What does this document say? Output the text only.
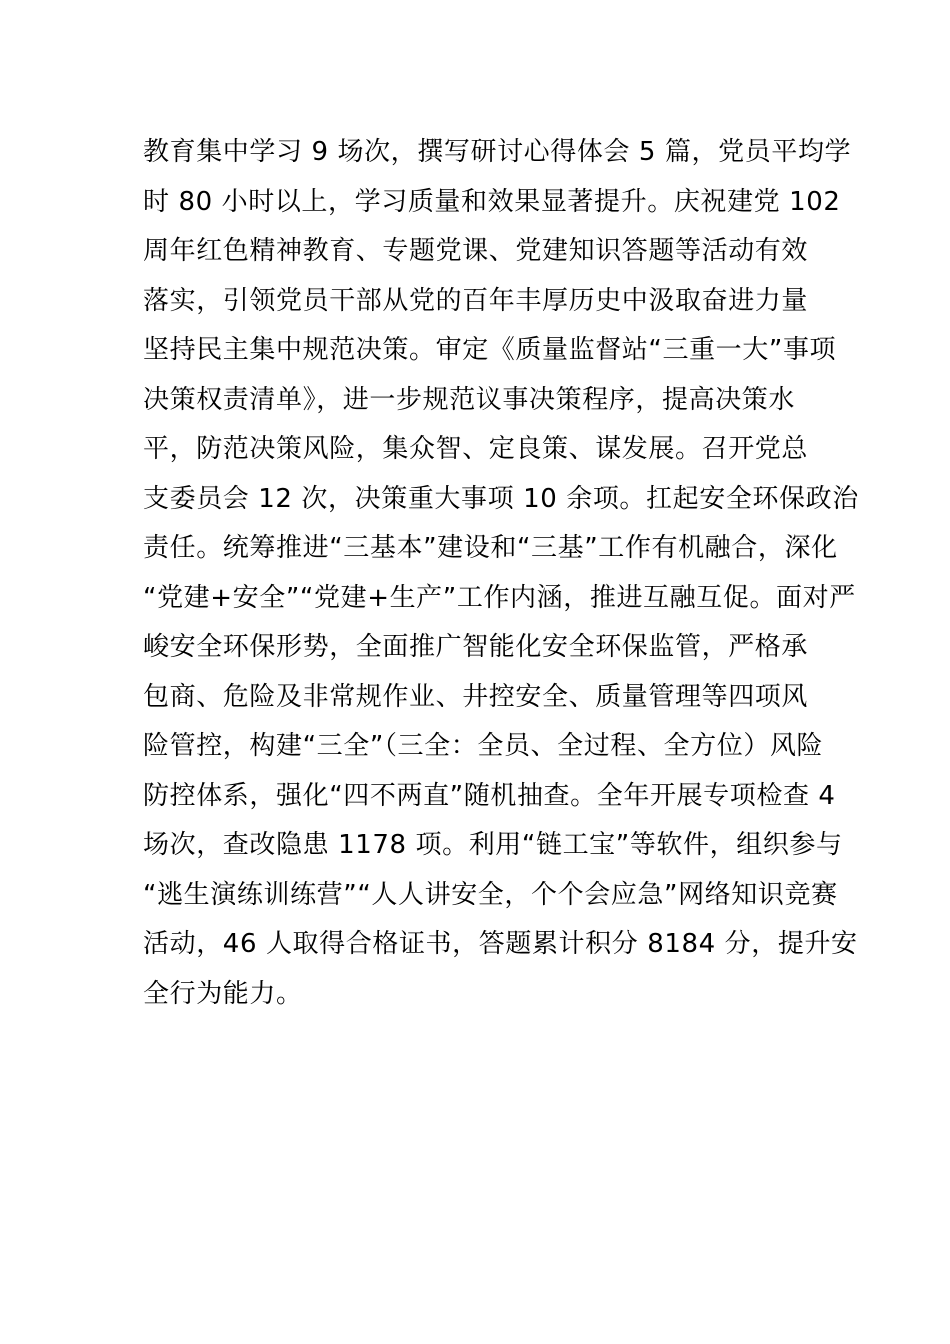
教育集中学习 9 场次，撰写研讨心得体会 5 篇，党员平均学
时 80 小时以上，学习质量和效果显著提升。庆祝建党 102
周年红色精神教育、专题党课、党建知识答题等活动有效
落实，引领党员干部从党的百年丰厚历史中汲取奋进力量
坚持民主集中规范决策。审定《质量监督站“三重一大”事项
决策权责清单》，进一步规范议事决策程序，提高决策水
平，防范决策风险，集众智、定良策、谋发展。召开党总
支委员会 12 次，决策重大事项 10 余项。扛起安全环保政治
责任。统筹推进“三基本”建设和“三基”工作有机融合，深化
“党建+安全”“党建+生产”工作内涵，推进互融互促。面对严
峻安全环保形势，全面推广智能化安全环保监管，严格承
包商、危险及非常规作业、井控安全、质量管理等四项风
险管控，构建“三全”（三全：全员、全过程、全方位）风险
防控体系，强化“四不两直”随机抽查。全年开展专项检查 4
场次，查改隐患 1178 项。利用“链工宝”等软件，组织参与
“逃生演练训练营”“人人讲安全，个个会应急”网络知识竞赛
活动，46 人取得合格证书，答题累计积分 8184 分，提升安
全行为能力。
